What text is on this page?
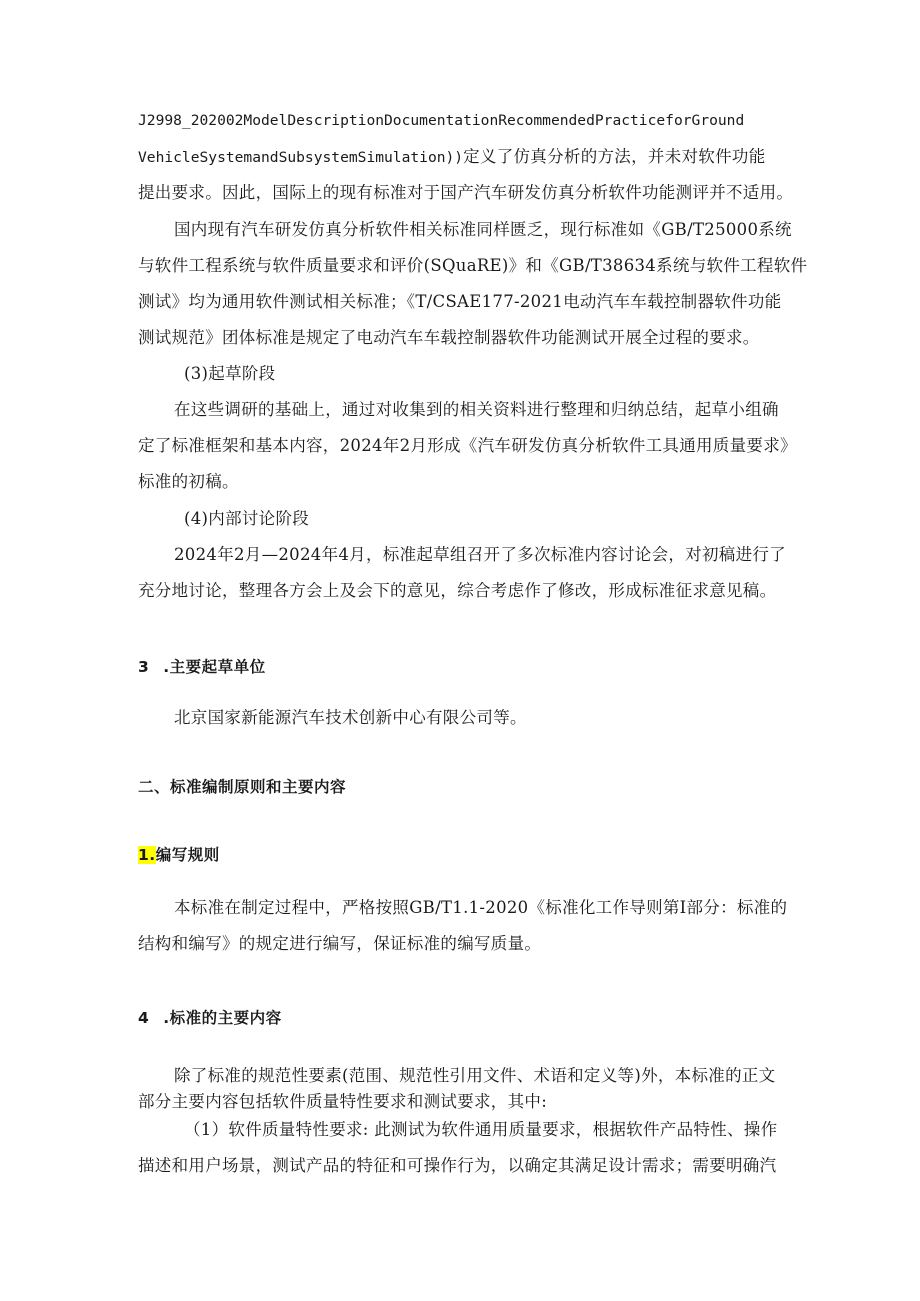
J2998_202002ModelDescriptionDocumentationRecommendedPracticeforGround
VehicleSystemandSubsystemSimulation))定义了仿真分析的方法，并未对软件功能
提出要求。因此，国际上的现有标准对于国产汽车研发仿真分析软件功能测评并不适用。
国内现有汽车研发仿真分析软件相关标准同样匮乏，现行标准如《GB/T25000系统
与软件工程系统与软件质量要求和评价(SQuaRE)》和《GB/T38634系统与软件工程软件
测试》均为通用软件测试相关标准；《T/CSAE177-2021电动汽车车载控制器软件功能
测试规范》团体标准是规定了电动汽车车载控制器软件功能测试开展全过程的要求。
(3)起草阶段
在这些调研的基础上，通过对收集到的相关资料进行整理和归纳总结，起草小组确
定了标准框架和基本内容，2024年2月形成《汽车研发仿真分析软件工具通用质量要求》
标准的初稿。
(4)内部讨论阶段
2024年2月—2024年4月，标准起草组召开了多次标准内容讨论会，对初稿进行了
充分地讨论，整理各方会上及会下的意见，综合考虑作了修改，形成标准征求意见稿。
3 .主要起草单位
北京国家新能源汽车技术创新中心有限公司等。
二、标准编制原则和主要内容
1.编写规则
本标准在制定过程中，严格按照GB/T1.1-2020《标准化工作导则第I部分：标准的
结构和编写》的规定进行编写，保证标准的编写质量。
4 .标准的主要内容
除了标准的规范性要素(范围、规范性引用文件、术语和定义等)外，本标准的正文
部分主要内容包括软件质量特性要求和测试要求，其中:
（1）软件质量特性要求: 此测试为软件通用质量要求，根据软件产品特性、操作
描述和用户场景，测试产品的特征和可操作行为，以确定其满足设计需求；需要明确汽
